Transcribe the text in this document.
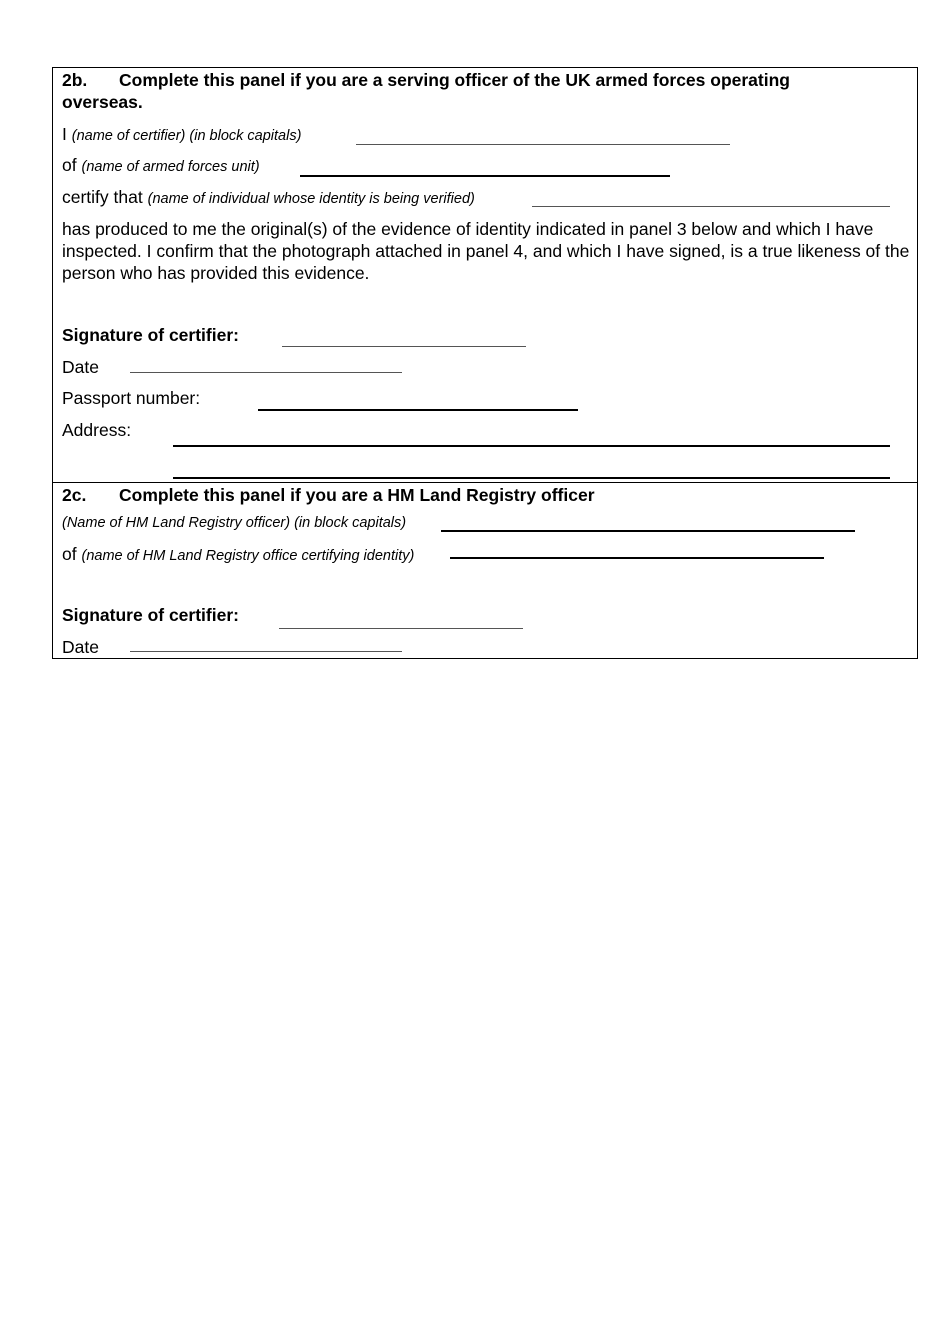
2b. Complete this panel if you are a serving officer of the UK armed forces operating
overseas.
I (name of certifier) (in block capitals)
of (name of armed forces unit)
certify that (name of individual whose identity is being verified)
has produced to me the original(s) of the evidence of identity indicated in panel 3 below and which I have inspected. I confirm that the photograph attached in panel 4, and which I have signed, is a true likeness of the person who has provided this evidence.
Signature of certifier:
Date
Passport number:
Address:
2c. Complete this panel if you are a HM Land Registry officer
(Name of HM Land Registry officer) (in block capitals)
of (name of HM Land Registry office certifying identity)
Signature of certifier:
Date
